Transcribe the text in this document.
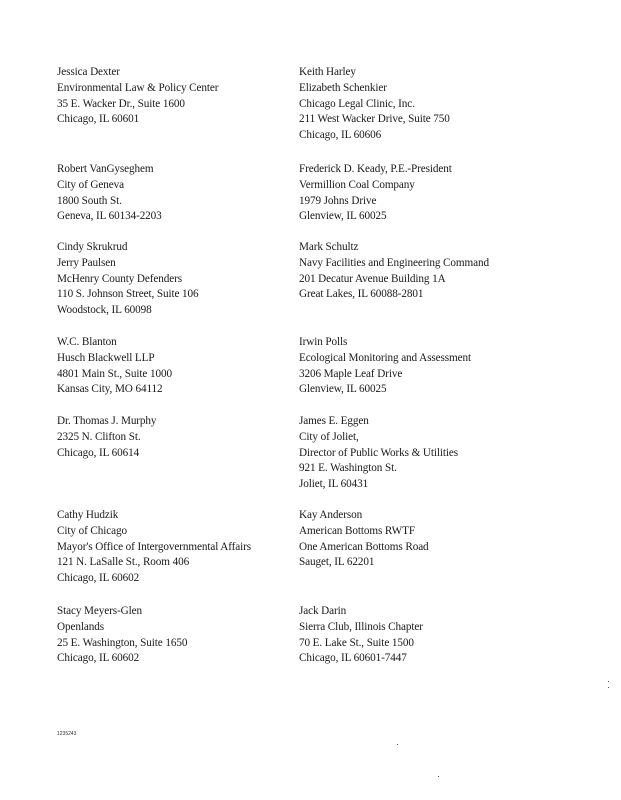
Jessica Dexter
Environmental Law & Policy Center
35 E. Wacker Dr., Suite 1600
Chicago, IL 60601
Robert VanGyseghem
City of Geneva
1800 South St.
Geneva, IL 60134-2203
Cindy Skrukrud
Jerry Paulsen
McHenry County Defenders
110 S. Johnson Street, Suite 106
Woodstock, IL 60098
W.C. Blanton
Husch Blackwell LLP
4801 Main St., Suite 1000
Kansas City, MO 64112
Dr. Thomas J. Murphy
2325 N. Clifton St.
Chicago, IL 60614
Cathy Hudzik
City of Chicago
Mayor's Office of Intergovernmental Affairs
121 N. LaSalle St., Room 406
Chicago, IL 60602
Stacy Meyers-Glen
Openlands
25 E. Washington, Suite 1650
Chicago, IL 60602
Keith Harley
Elizabeth Schenkier
Chicago Legal Clinic, Inc.
211 West Wacker Drive, Suite 750
Chicago, IL 60606
Frederick D. Keady, P.E.-President
Vermillion Coal Company
1979 Johns Drive
Glenview, IL 60025
Mark Schultz
Navy Facilities and Engineering Command
201 Decatur Avenue Building 1A
Great Lakes, IL 60088-2801
Irwin Polls
Ecological Monitoring and Assessment
3206 Maple Leaf Drive
Glenview, IL 60025
James E. Eggen
City of Joliet,
Director of Public Works & Utilities
921 E. Washington St.
Joliet, IL 60431
Kay Anderson
American Bottoms RWTF
One American Bottoms Road
Sauget, IL 62201
Jack Darin
Sierra Club, Illinois Chapter
70 E. Lake St., Suite 1500
Chicago, IL 60601-7447
1235243
